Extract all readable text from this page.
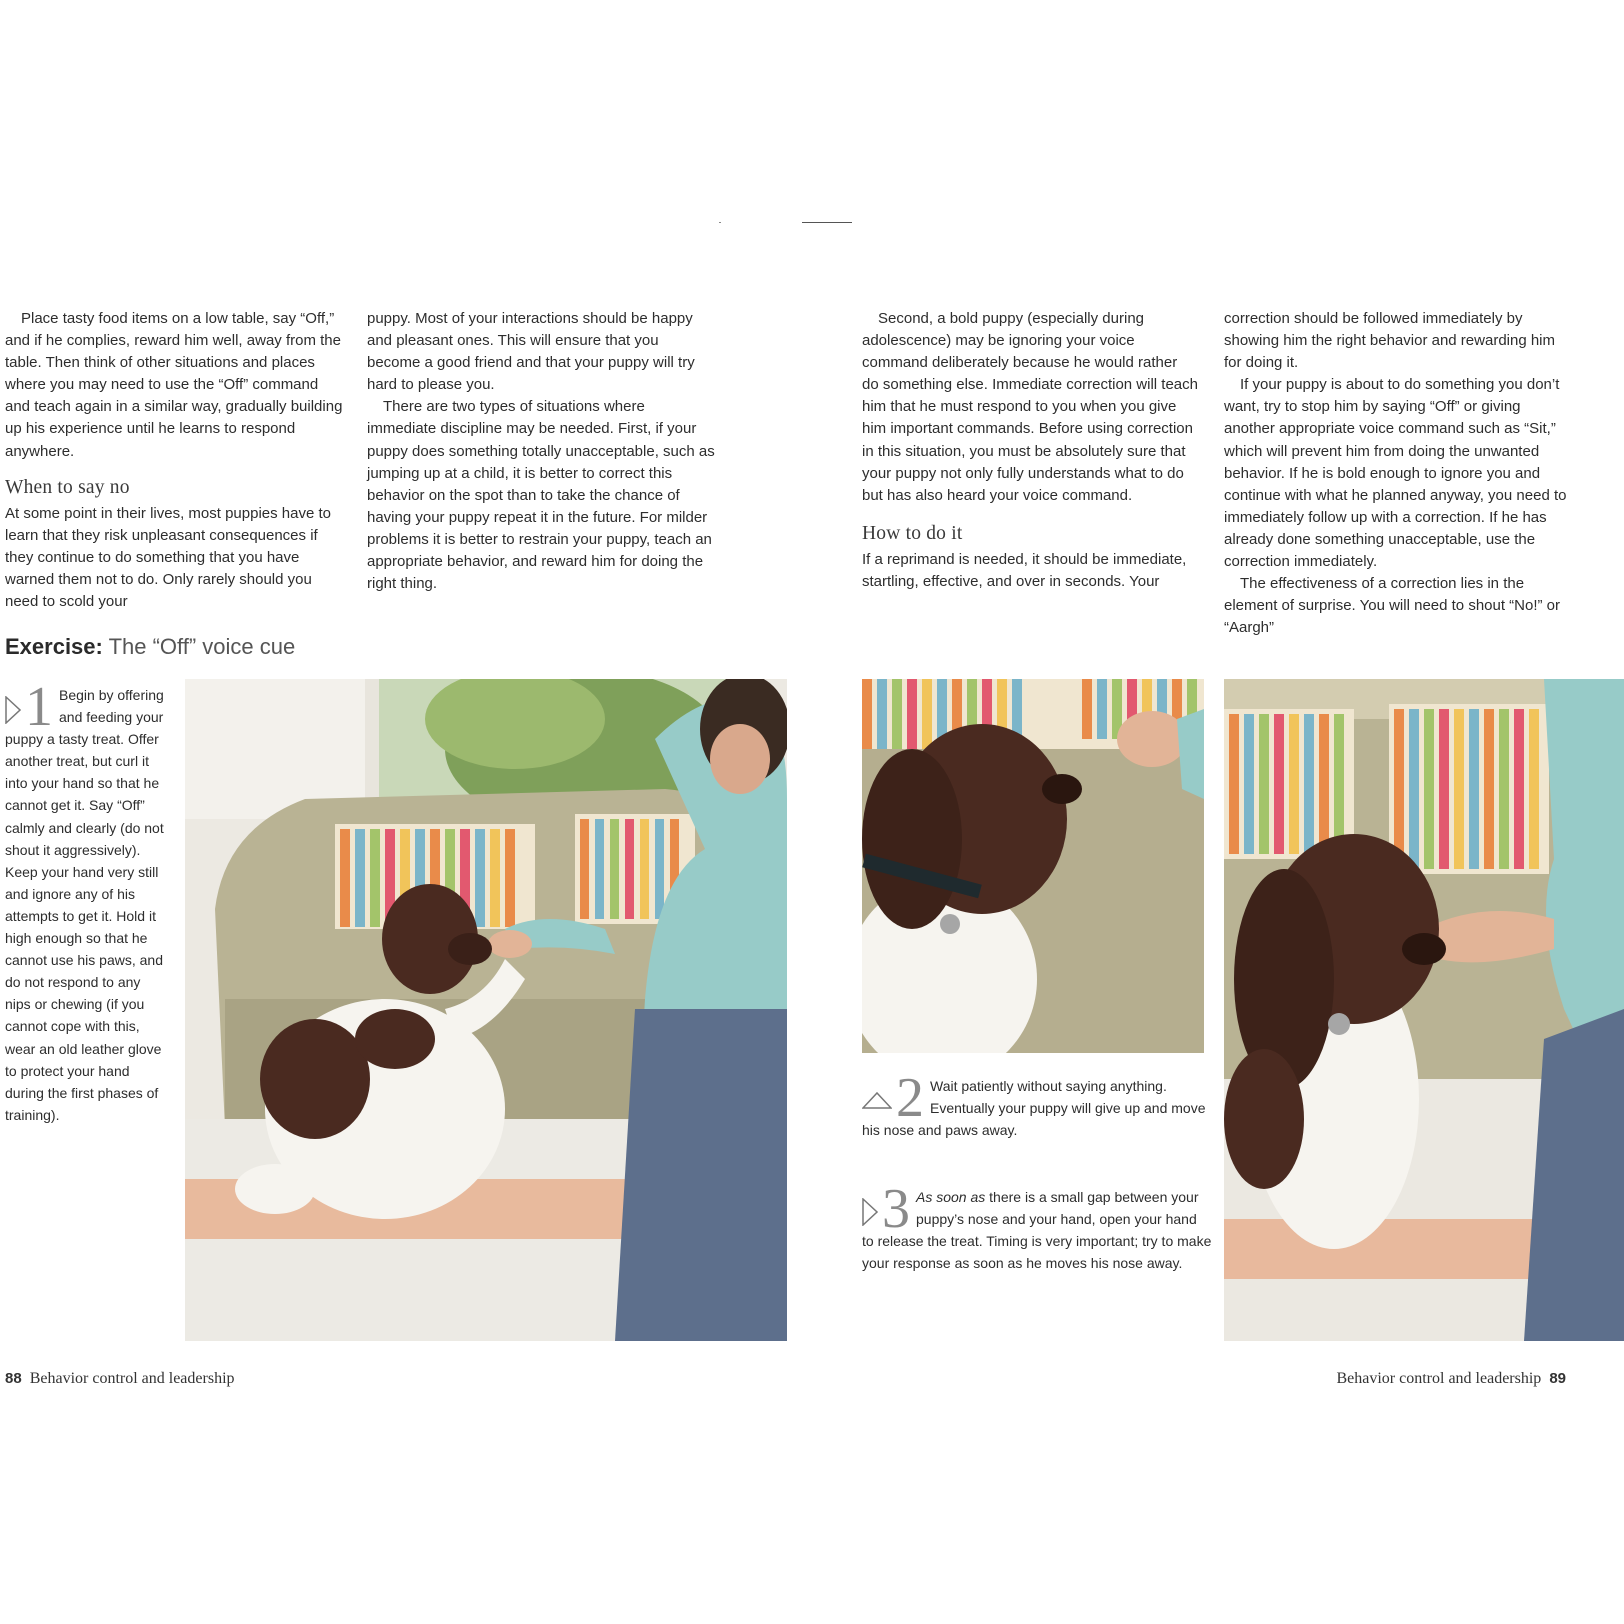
Place tasty food items on a low table, say “Off,” and if he complies, reward him well, away from the table. Then think of other situations and places where you may need to use the “Off” command and teach again in a similar way, gradually building up his experience until he learns to respond anywhere.

When to say no

At some point in their lives, most puppies have to learn that they risk unpleasant consequences if they continue to do something that you have warned them not to do. Only rarely should you need to scold your

puppy. Most of your interactions should be happy and pleasant ones. This will ensure that you become a good friend and that your puppy will try hard to please you.

There are two types of situations where immediate discipline may be needed. First, if your puppy does something totally unacceptable, such as jumping up at a child, it is better to correct this behavior on the spot than to take the chance of having your puppy repeat it in the future. For milder problems it is better to restrain your puppy, teach an appropriate behavior, and reward him for doing the right thing.

Second, a bold puppy (especially during adolescence) may be ignoring your voice command deliberately because he would rather do something else. Immediate correction will teach him that he must respond to you when you give him important commands. Before using correction in this situation, you must be absolutely sure that your puppy not only fully understands what to do but has also heard your voice command.

How to do it

If a reprimand is needed, it should be immediate, startling, effective, and over in seconds. Your

correction should be followed immediately by showing him the right behavior and rewarding him for doing it.

If your puppy is about to do something you don’t want, try to stop him by saying “Off” or giving another appropriate voice command such as “Sit,” which will prevent him from doing the unwanted behavior. If he is bold enough to ignore you and continue with what he planned anyway, you need to immediately follow up with a correction. If he has already done something unacceptable, use the correction immediately.

The effectiveness of a correction lies in the element of surprise. You will need to shout “No!” or “Aargh”

Exercise: The “Off” voice cue
1 Begin by offering and feeding your puppy a tasty treat. Offer another treat, but curl it into your hand so that he cannot get it. Say “Off” calmly and clearly (do not shout it aggressively). Keep your hand very still and ignore any of his attempts to get it. Hold it high enough so that he cannot use his paws, and do not respond to any nips or chewing (if you cannot cope with this, wear an old leather glove to protect your hand during the first phases of training).	2 Wait patiently without saying anything. Eventually your puppy will give up and move his nose and paws away.
3 As soon as there is a small gap between your puppy’s nose and your hand, open your hand to release the treat. Timing is very important; try to make your response as soon as he moves his nose away.
88 Behavior control and leadership	Behavior control and leadership 89
